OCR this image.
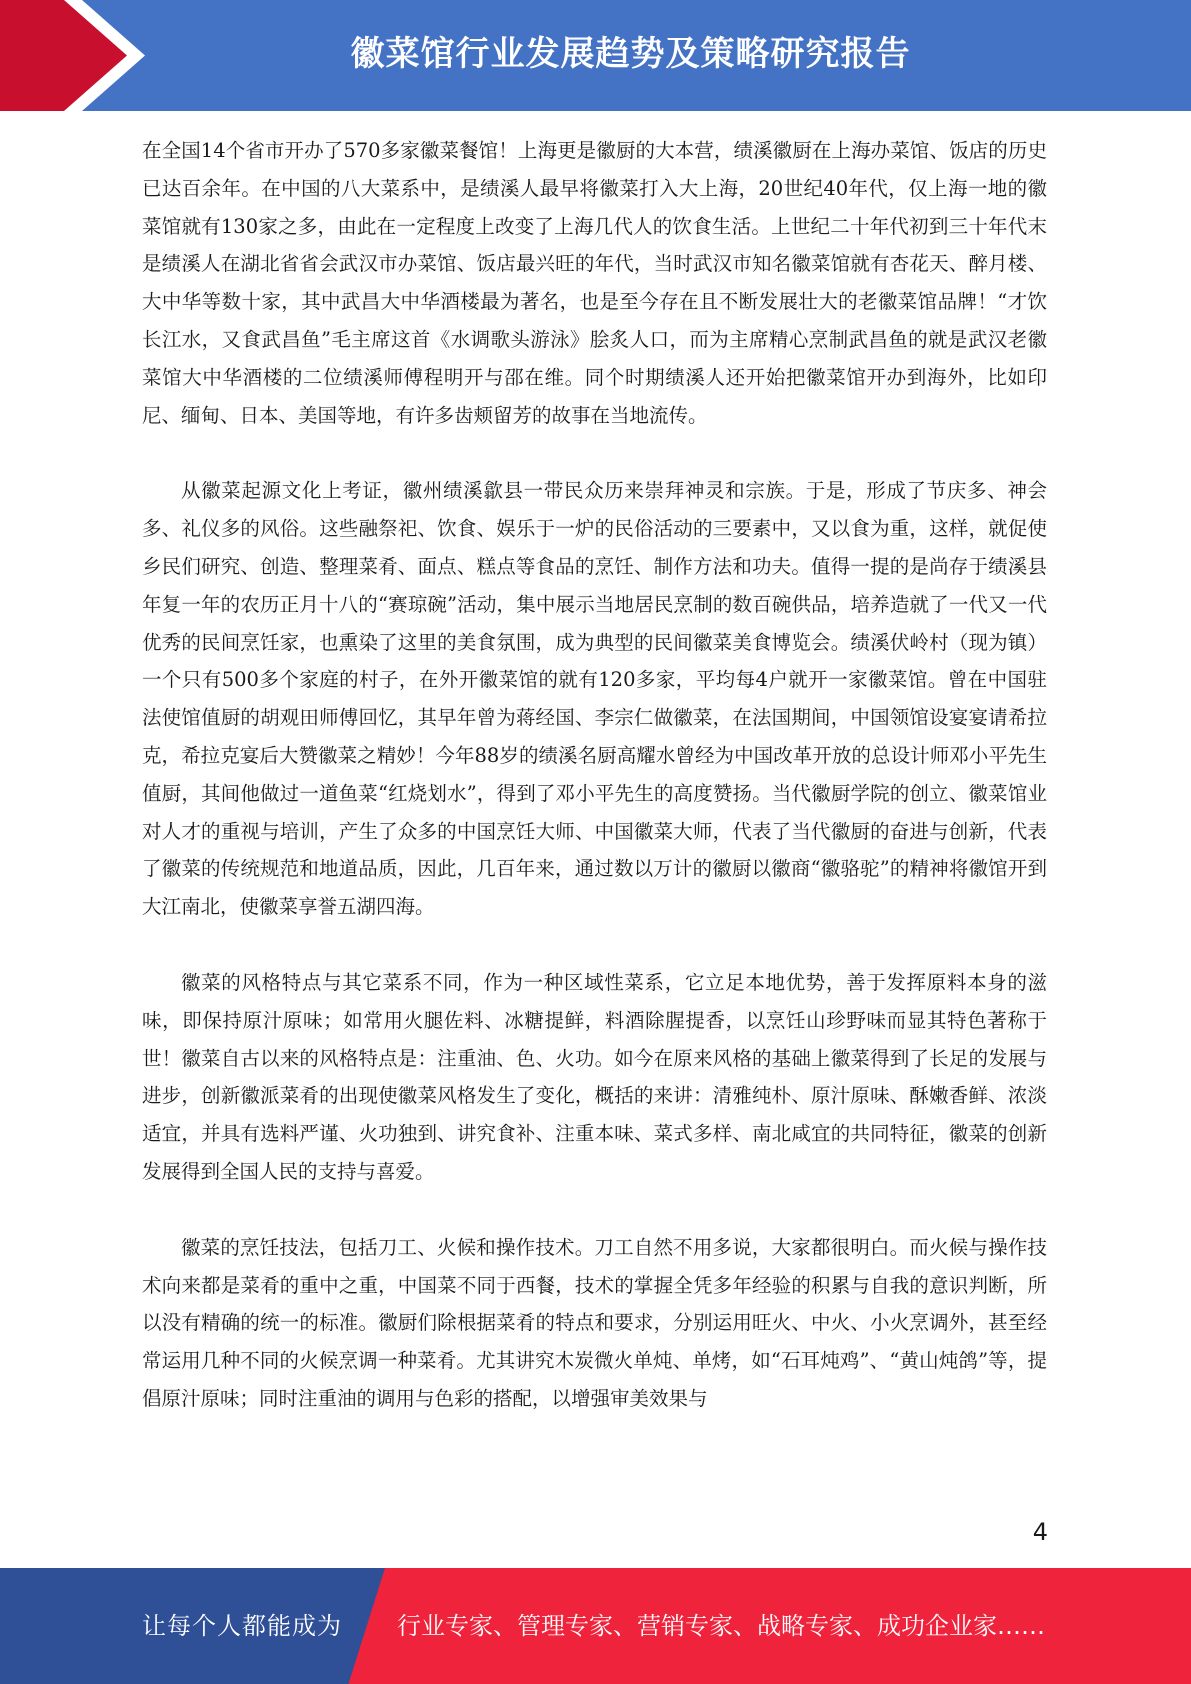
徽菜馆行业发展趋势及策略研究报告

在全国14个省市开办了570多家徽菜餐馆！上海更是徽厨的大本营，绩溪徽厨在上海办菜馆、饭店的历史已达百余年。在中国的八大菜系中，是绩溪人最早将徽菜打入大上海，20世纪40年代，仅上海一地的徽菜馆就有130家之多，由此在一定程度上改变了上海几代人的饮食生活。上世纪二十年代初到三十年代末是绩溪人在湖北省省会武汉市办菜馆、饭店最兴旺的年代，当时武汉市知名徽菜馆就有杏花天、醉月楼、大中华等数十家，其中武昌大中华酒楼最为著名，也是至今存在且不断发展壮大的老徽菜馆品牌！“才饮长江水，又食武昌鱼”毛主席这首《水调歌头游泳》脍炙人口，而为主席精心烹制武昌鱼的就是武汉老徽菜馆大中华酒楼的二位绩溪师傅程明开与邵在维。同个时期绩溪人还开始把徽菜馆开办到海外，比如印尼、缅甸、日本、美国等地，有许多齿颊留芳的故事在当地流传。

从徽菜起源文化上考证，徽州绩溪歙县一带民众历来崇拜神灵和宗族。于是，形成了节庆多、神会多、礼仪多的风俗。这些融祭祀、饮食、娱乐于一炉的民俗活动的三要素中，又以食为重，这样，就促使乡民们研究、创造、整理菜肴、面点、糕点等食品的烹饪、制作方法和功夫。值得一提的是尚存于绩溪县年复一年的农历正月十八的“赛琼碗”活动，集中展示当地居民烹制的数百碗供品，培养造就了一代又一代优秀的民间烹饪家，也熏染了这里的美食氛围，成为典型的民间徽菜美食博览会。绩溪伏岭村（现为镇）一个只有500多个家庭的村子，在外开徽菜馆的就有120多家，平均每4户就开一家徽菜馆。曾在中国驻法使馆值厨的胡观田师傅回忆，其早年曾为蒋经国、李宗仁做徽菜，在法国期间，中国领馆设宴宴请希拉克，希拉克宴后大赞徽菜之精妙！今年88岁的绩溪名厨高耀水曾经为中国改革开放的总设计师邓小平先生值厨，其间他做过一道鱼菜“红烧划水”，得到了邓小平先生的高度赞扬。当代徽厨学院的创立、徽菜馆业对人才的重视与培训，产生了众多的中国烹饪大师、中国徽菜大师，代表了当代徽厨的奋进与创新，代表了徽菜的传统规范和地道品质，因此，几百年来，通过数以万计的徽厨以徽商“徽骆驼”的精神将徽馆开到大江南北，使徽菜享誉五湖四海。

徽菜的风格特点与其它菜系不同，作为一种区域性菜系，它立足本地优势，善于发挥原料本身的滋味，即保持原汁原味；如常用火腿佐料、冰糖提鲜，料酒除腥提香，以烹饪山珍野味而显其特色著称于世！徽菜自古以来的风格特点是：注重油、色、火功。如今在原来风格的基础上徽菜得到了长足的发展与进步，创新徽派菜肴的出现使徽菜风格发生了变化，概括的来讲：清雅纯朴、原汁原味、酥嫩香鲜、浓淡适宜，并具有选料严谨、火功独到、讲究食补、注重本味、菜式多样、南北咸宜的共同特征，徽菜的创新发展得到全国人民的支持与喜爱。

徽菜的烹饪技法，包括刀工、火候和操作技术。刀工自然不用多说，大家都很明白。而火候与操作技术向来都是菜肴的重中之重，中国菜不同于西餐，技术的掌握全凭多年经验的积累与自我的意识判断，所以没有精确的统一的标准。徽厨们除根据菜肴的特点和要求，分别运用旺火、中火、小火烹调外，甚至经常运用几种不同的火候烹调一种菜肴。尤其讲究木炭微火单炖、单烤，如“石耳炖鸡”、“黄山炖鸽”等，提倡原汁原味；同时注重油的调用与色彩的搭配，以增强审美效果与

4
让每个人都能成为 行业专家、管理专家、营销专家、战略专家、成功企业家……
